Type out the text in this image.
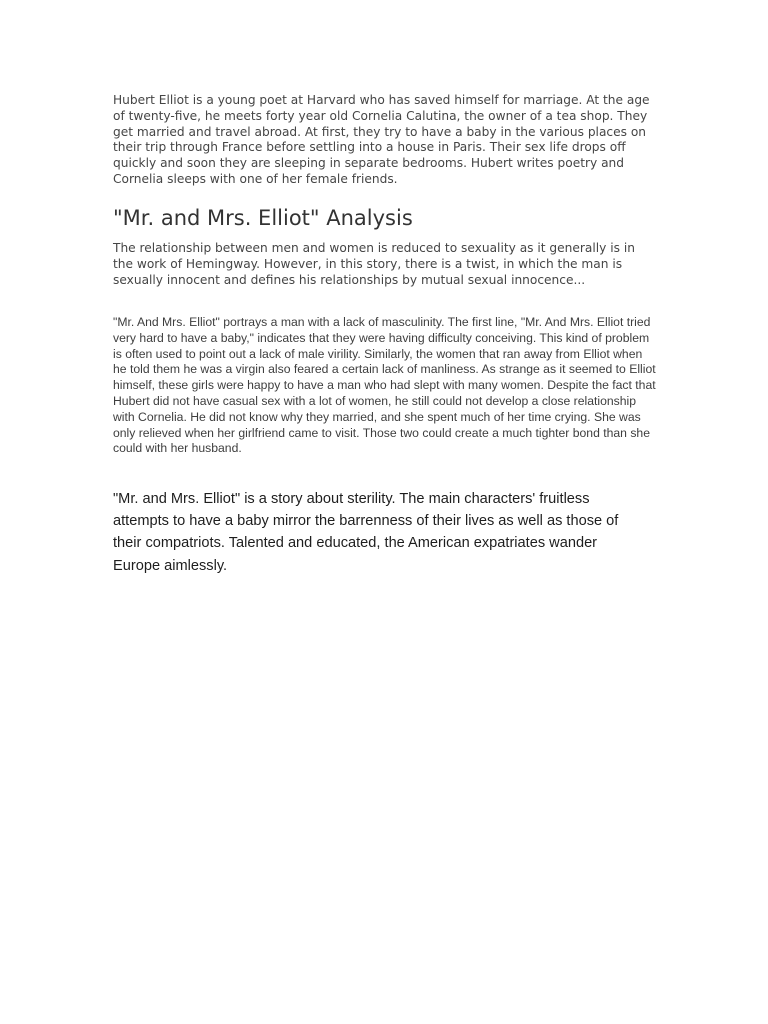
Hubert Elliot is a young poet at Harvard who has saved himself for marriage. At the age of twenty-five, he meets forty year old Cornelia Calutina, the owner of a tea shop. They get married and travel abroad. At first, they try to have a baby in the various places on their trip through France before settling into a house in Paris. Their sex life drops off quickly and soon they are sleeping in separate bedrooms. Hubert writes poetry and Cornelia sleeps with one of her female friends.

"Mr. and Mrs. Elliot" Analysis

The relationship between men and women is reduced to sexuality as it generally is in the work of Hemingway. However, in this story, there is a twist, in which the man is sexually innocent and defines his relationships by mutual sexual innocence...

"Mr. And Mrs. Elliot" portrays a man with a lack of masculinity. The first line, "Mr. And Mrs. Elliot tried very hard to have a baby," indicates that they were having difficulty conceiving. This kind of problem is often used to point out a lack of male virility. Similarly, the women that ran away from Elliot when he told them he was a virgin also feared a certain lack of manliness. As strange as it seemed to Elliot himself, these girls were happy to have a man who had slept with many women. Despite the fact that Hubert did not have casual sex with a lot of women, he still could not develop a close relationship with Cornelia. He did not know why they married, and she spent much of her time crying. She was only relieved when her girlfriend came to visit. Those two could create a much tighter bond than she could with her husband.

"Mr. and Mrs. Elliot" is a story about sterility. The main characters' fruitless attempts to have a baby mirror the barrenness of their lives as well as those of their compatriots. Talented and educated, the American expatriates wander Europe aimlessly.
